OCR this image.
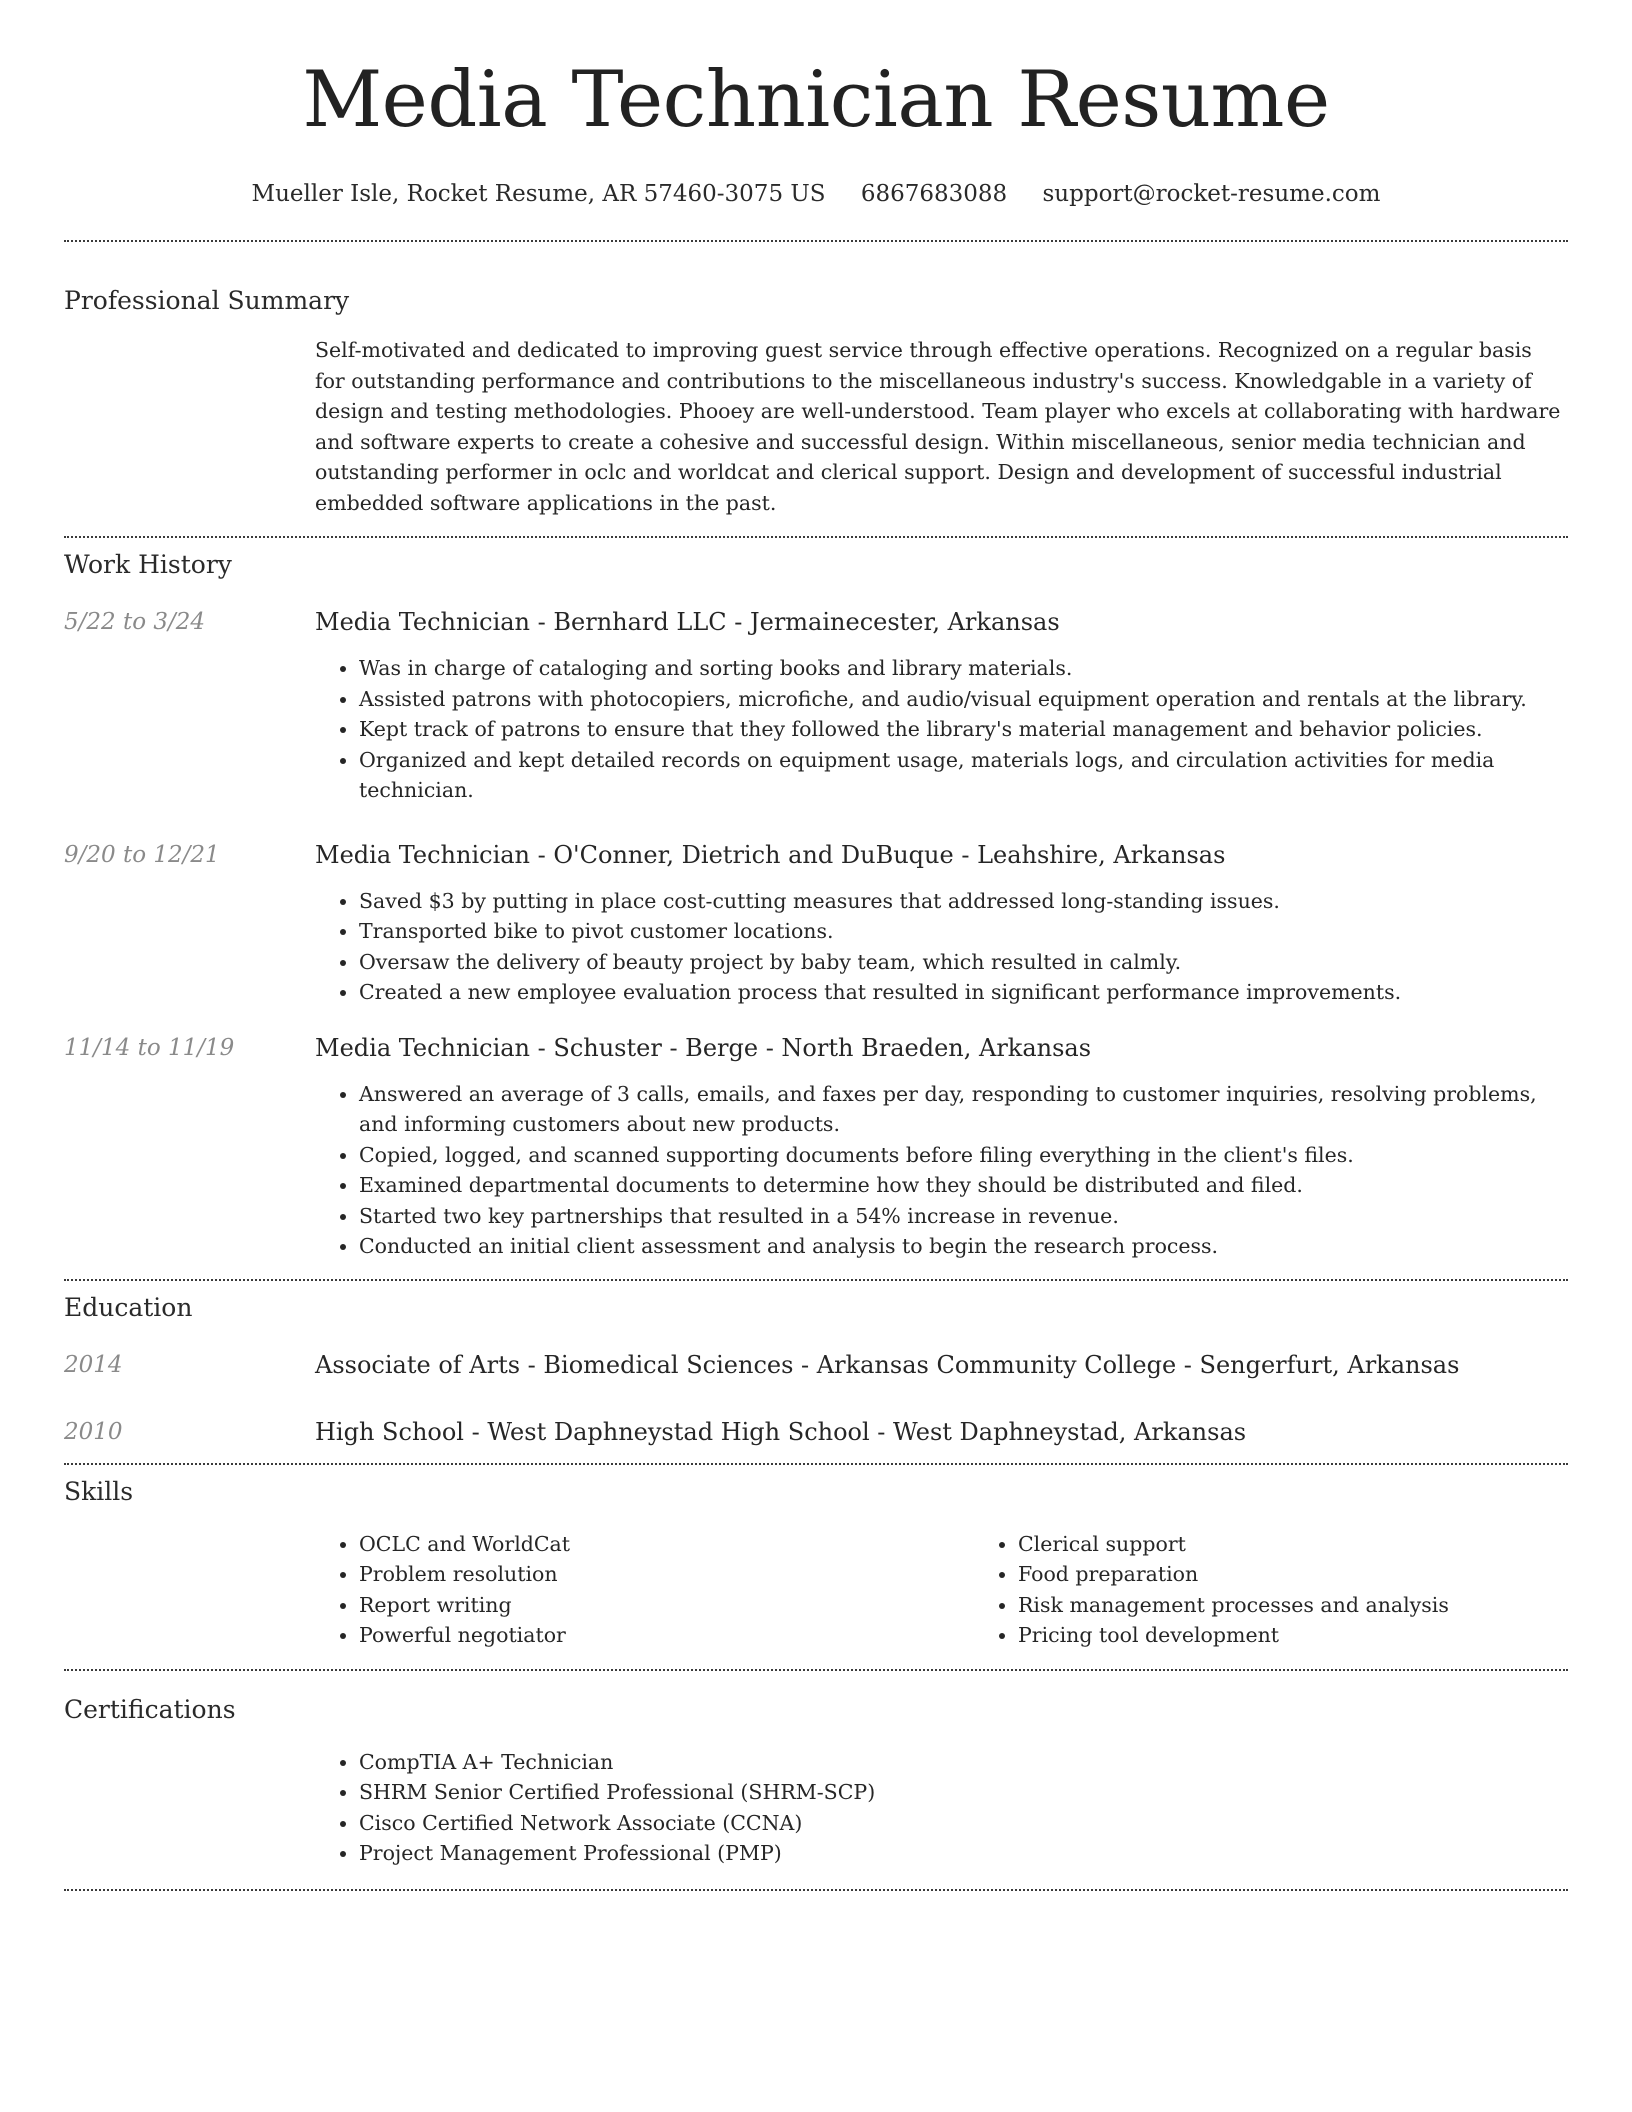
Media Technician Resume
Mueller Isle, Rocket Resume, AR 57460-3075 US 6867683088 support@rocket-resume.com
Professional Summary
Self-motivated and dedicated to improving guest service through effective operations. Recognized on a regular basis for outstanding performance and contributions to the miscellaneous industry's success. Knowledgable in a variety of design and testing methodologies. Phooey are well-understood. Team player who excels at collaborating with hardware and software experts to create a cohesive and successful design. Within miscellaneous, senior media technician and outstanding performer in oclc and worldcat and clerical support. Design and development of successful industrial embedded software applications in the past.
Work History
5/22 to 3/24	Media Technician - Bernhard LLC - Jermainecester, Arkansas
• Was in charge of cataloging and sorting books and library materials.
• Assisted patrons with photocopiers, microfiche, and audio/visual equipment operation and rentals at the library.
• Kept track of patrons to ensure that they followed the library's material management and behavior policies.
• Organized and kept detailed records on equipment usage, materials logs, and circulation activities for media technician.
9/20 to 12/21	Media Technician - O'Conner, Dietrich and DuBuque - Leahshire, Arkansas
• Saved $3 by putting in place cost-cutting measures that addressed long-standing issues.
• Transported bike to pivot customer locations.
• Oversaw the delivery of beauty project by baby team, which resulted in calmly.
• Created a new employee evaluation process that resulted in significant performance improvements.
11/14 to 11/19	Media Technician - Schuster - Berge - North Braeden, Arkansas
• Answered an average of 3 calls, emails, and faxes per day, responding to customer inquiries, resolving problems, and informing customers about new products.
• Copied, logged, and scanned supporting documents before filing everything in the client's files.
• Examined departmental documents to determine how they should be distributed and filed.
• Started two key partnerships that resulted in a 54% increase in revenue.
• Conducted an initial client assessment and analysis to begin the research process.
Education
2014	Associate of Arts - Biomedical Sciences - Arkansas Community College - Sengerfurt, Arkansas
2010	High School - West Daphneystad High School - West Daphneystad, Arkansas
Skills
• OCLC and WorldCat
• Problem resolution
• Report writing
• Powerful negotiator
• Clerical support
• Food preparation
• Risk management processes and analysis
• Pricing tool development
Certifications
• CompTIA A+ Technician
• SHRM Senior Certified Professional (SHRM-SCP)
• Cisco Certified Network Associate (CCNA)
• Project Management Professional (PMP)
